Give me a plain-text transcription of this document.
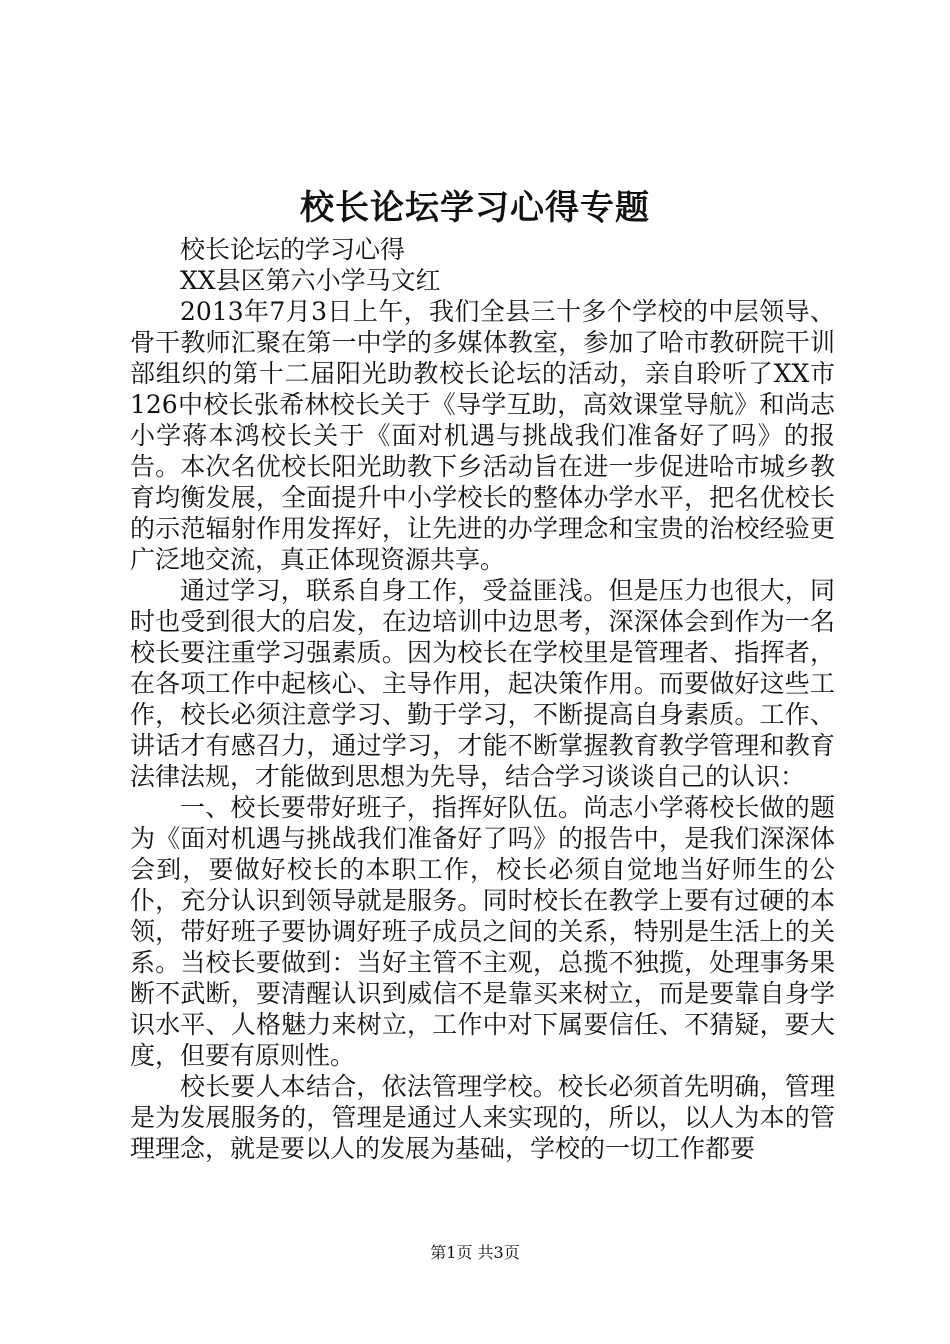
校长论坛学习心得专题

校长论坛的学习心得

XX县区第六小学马文红

2013年7月3日上午，我们全县三十多个学校的中层领导、骨干教师汇聚在第一中学的多媒体教室，参加了哈市教研院干训部组织的第十二届阳光助教校长论坛的活动，亲自聆听了XX市126中校长张希林校长关于《导学互助，高效课堂导航》和尚志小学蒋本鸿校长关于《面对机遇与挑战我们准备好了吗》的报告。本次名优校长阳光助教下乡活动旨在进一步促进哈市城乡教育均衡发展，全面提升中小学校长的整体办学水平，把名优校长的示范辐射作用发挥好，让先进的办学理念和宝贵的治校经验更广泛地交流，真正体现资源共享。

通过学习，联系自身工作，受益匪浅。但是压力也很大，同时也受到很大的启发，在边培训中边思考，深深体会到作为一名校长要注重学习强素质。因为校长在学校里是管理者、指挥者，在各项工作中起核心、主导作用，起决策作用。而要做好这些工作，校长必须注意学习、勤于学习，不断提高自身素质。工作、讲话才有感召力，通过学习，才能不断掌握教育教学管理和教育法律法规，才能做到思想为先导，结合学习谈谈自己的认识：

一、校长要带好班子，指挥好队伍。尚志小学蒋校长做的题为《面对机遇与挑战我们准备好了吗》的报告中，是我们深深体会到，要做好校长的本职工作，校长必须自觉地当好师生的公仆，充分认识到领导就是服务。同时校长在教学上要有过硬的本领，带好班子要协调好班子成员之间的关系，特别是生活上的关系。当校长要做到：当好主管不主观，总揽不独揽，处理事务果断不武断，要清醒认识到威信不是靠买来树立，而是要靠自身学识水平、人格魅力来树立，工作中对下属要信任、不猜疑，要大度，但要有原则性。

校长要人本结合，依法管理学校。校长必须首先明确，管理是为发展服务的，管理是通过人来实现的，所以，以人为本的管理理念，就是要以人的发展为基础，学校的一切工作都要

第1页 共3页
